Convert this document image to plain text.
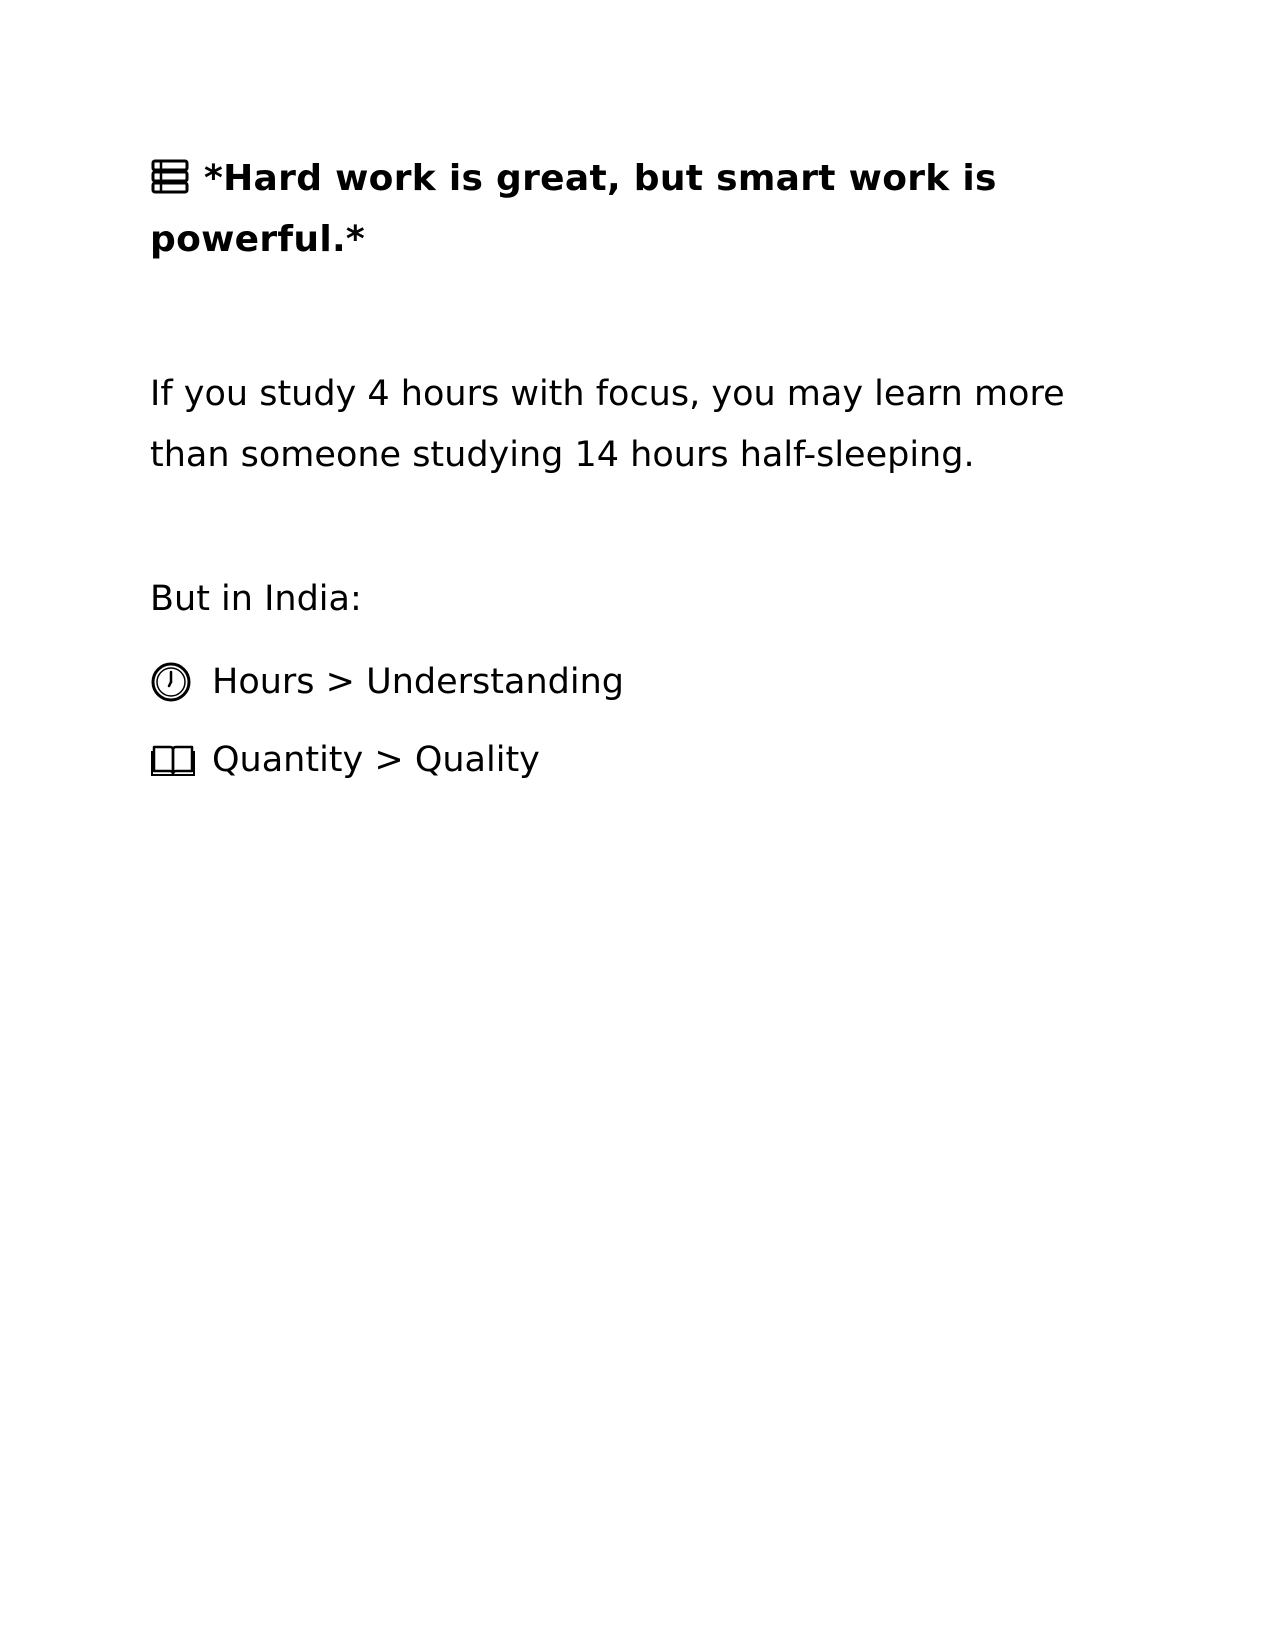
*Hard work is great, but smart work is powerful.*
If you study 4 hours with focus, you may learn more than someone studying 14 hours half-sleeping.
But in India:
Hours > Understanding
Quantity > Quality
